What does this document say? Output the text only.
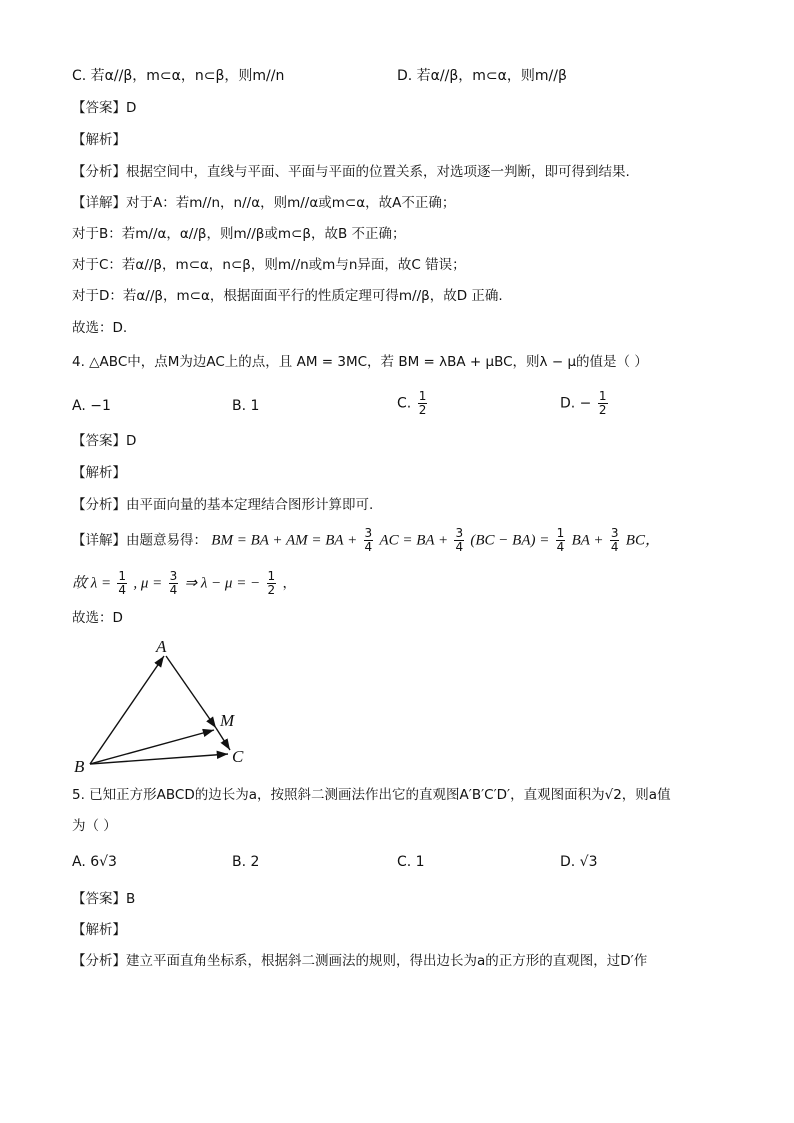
C. 若α//β，m⊂α，n⊂β，则m//n	D. 若α//β，m⊂α，则m//β
【答案】D
【解析】
【分析】根据空间中，直线与平面、平面与平面的位置关系，对选项逐一判断，即可得到结果.
【详解】对于A：若m//n，n//α，则m//α或m⊂α，故A不正确；
对于B：若m//α，α//β，则m//β或m⊂β，故B 不正确；
对于C：若α//β，m⊂α，n⊂β，则m//n或m与n异面，故C 错误；
对于D：若α//β，m⊂α，根据面面平行的性质定理可得m//β，故D 正确.
故选：D.
4. △ABC中，点M为边AC上的点，且 AM = 3MC，若 BM = λBA + μBC，则λ − μ的值是（ ）
A. −1	B. 1	C. $\frac{1}{2}$	D. − $\frac{1}{2}$
【答案】D
【解析】
【分析】由平面向量的基本定理结合图形计算即可.
【详解】由题意易得： BM = BA + AM = BA + $\frac{3}{4}$ AC = BA + $\frac{3}{4} (BC - BA) = \frac{1}{4}$ BA + $\frac{3}{4}$ BC，
故 $\lambda = \frac{1}{4}$ , $\mu = \frac{3}{4}$ ⇒ λ − μ = − $\frac{1}{2}$ ，
故选：D
A
M
C
B
5. 已知正方形ABCD的边长为a，按照斜二测画法作出它的直观图A′B′C′D′，直观图面积为√2，则a值
为（ ）
A. 6√3	B. 2	C. 1	D. √3
【答案】B
【解析】
【分析】建立平面直角坐标系，根据斜二测画法的规则，得出边长为a的正方形的直观图，过D′作
